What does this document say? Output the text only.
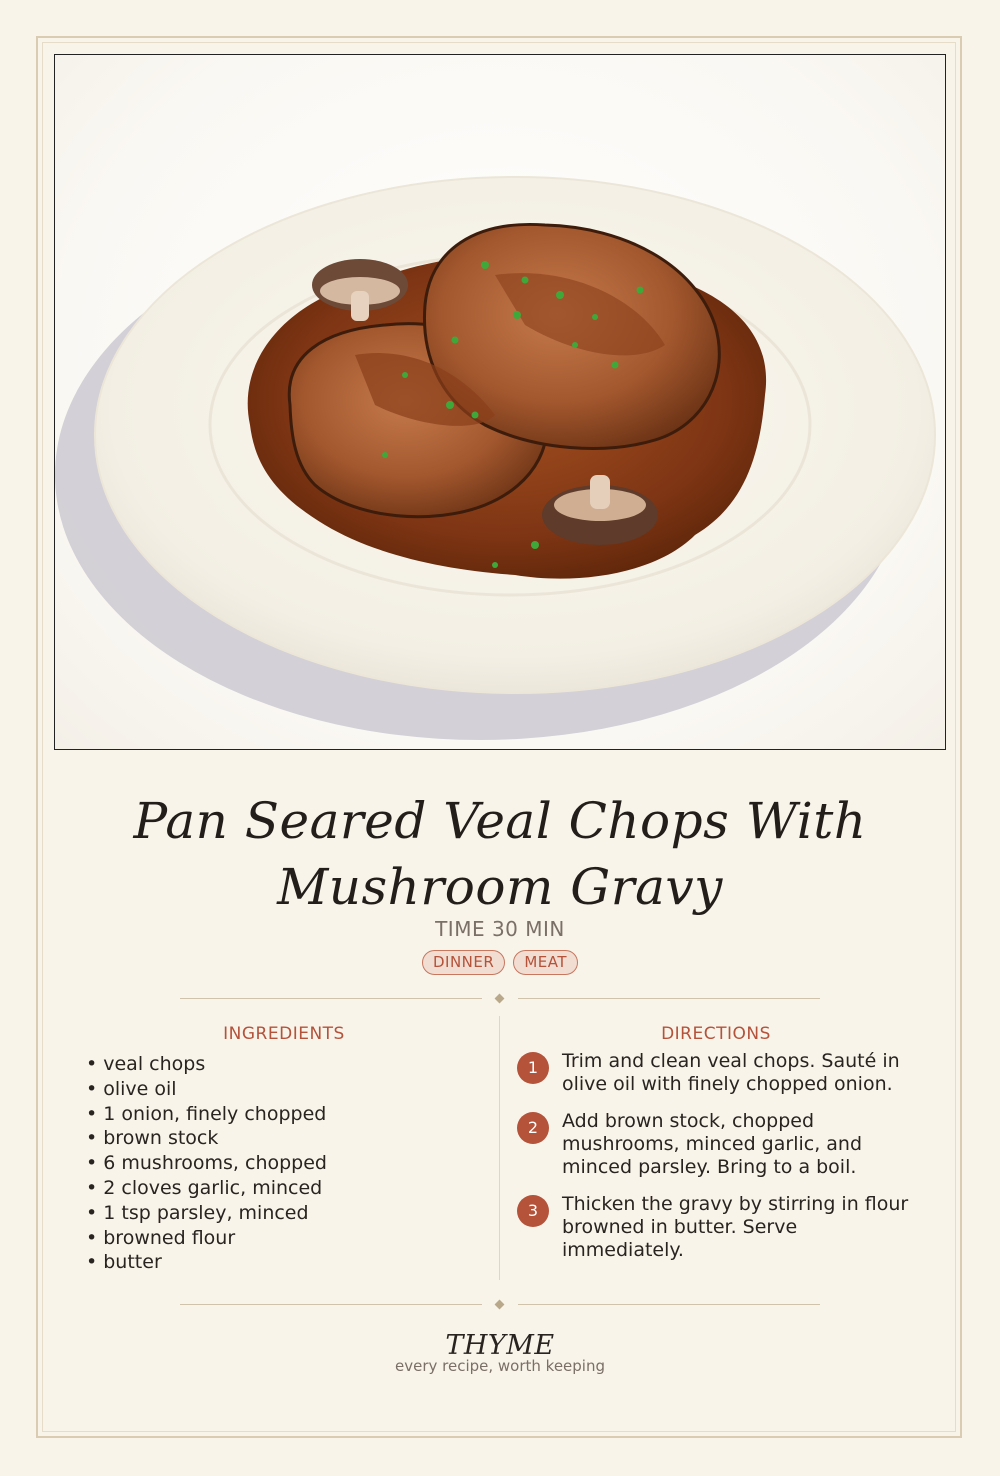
Pan Seared Veal Chops With Mushroom Gravy
TIME 30 MIN
DINNER	MEAT
INGREDIENTS
• veal chops
• olive oil
• 1 onion, finely chopped
• brown stock
• 6 mushrooms, chopped
• 2 cloves garlic, minced
• 1 tsp parsley, minced
• browned flour
• butter
DIRECTIONS
1	Trim and clean veal chops. Sauté in olive oil with finely chopped onion.
2	Add brown stock, chopped mushrooms, minced garlic, and minced parsley. Bring to a boil.
3	Thicken the gravy by stirring in flour browned in butter. Serve immediately.
THYME
every recipe, worth keeping
